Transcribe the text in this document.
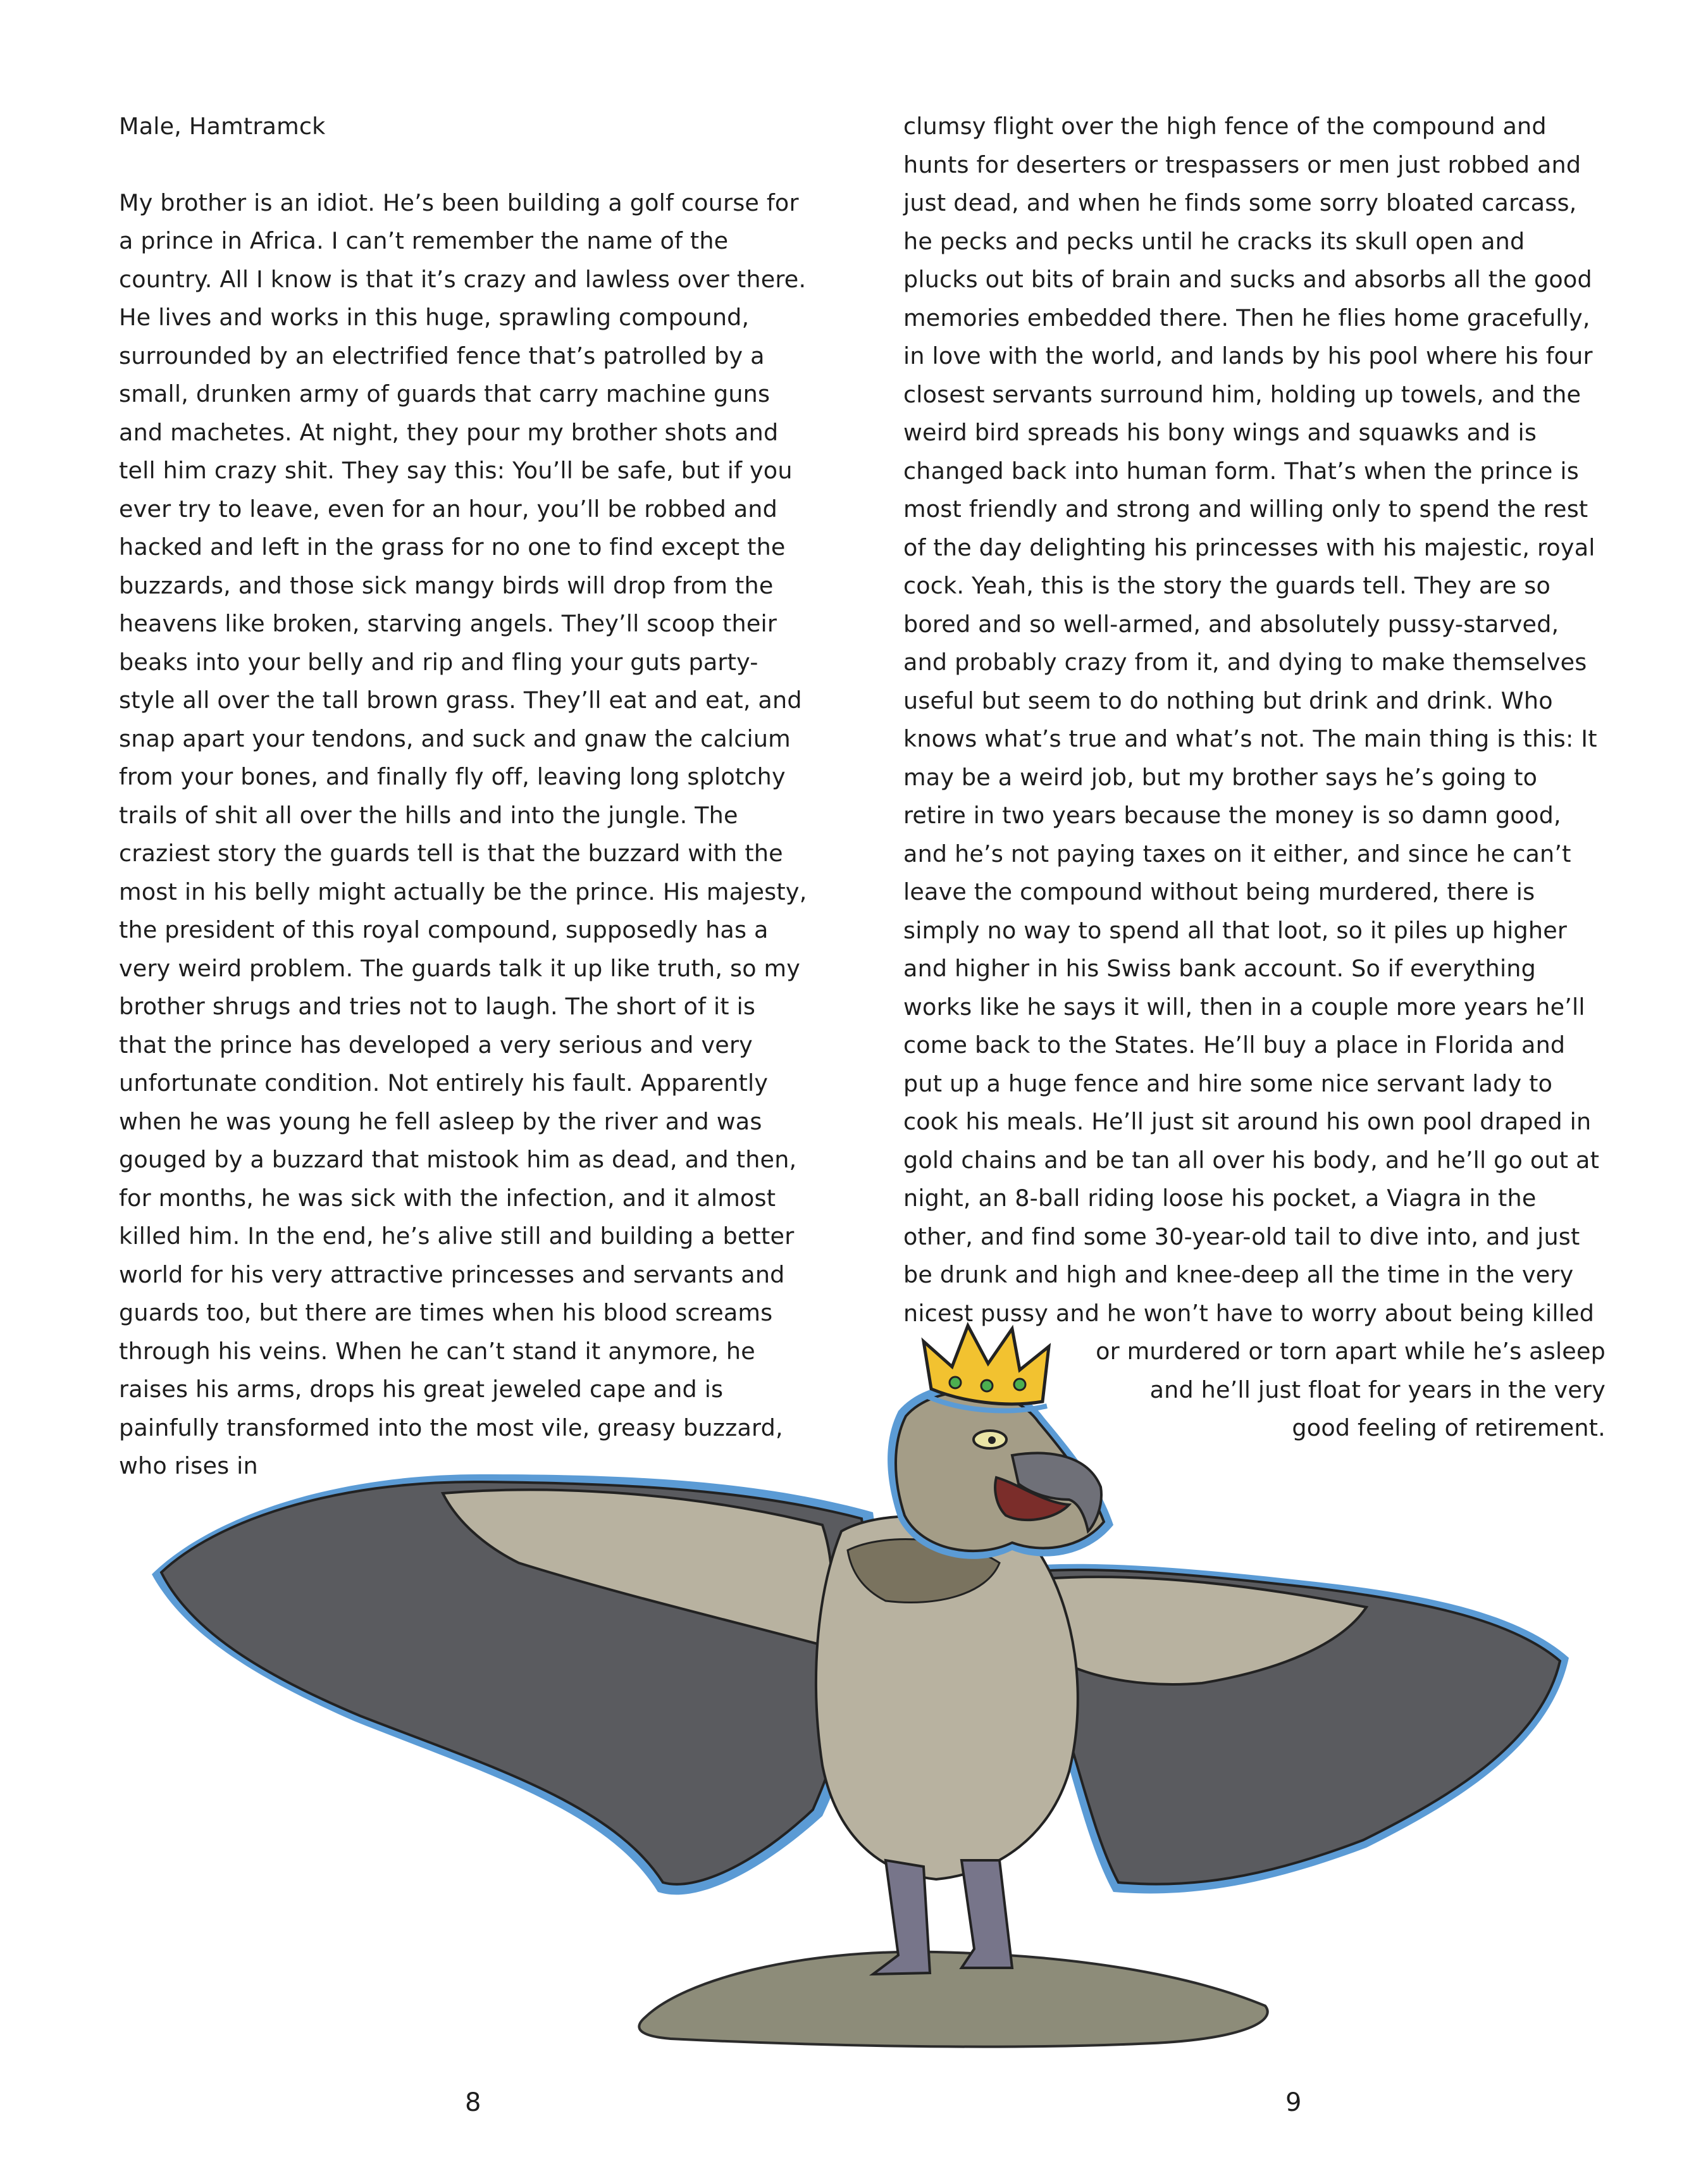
Male, Hamtramck
My brother is an idiot. He’s been building a golf course for
a prince in Africa. I can’t remember the name of the
country. All I know is that it’s crazy and lawless over there.
He lives and works in this huge, sprawling compound,
surrounded by an electrified fence that’s patrolled by a
small, drunken army of guards that carry machine guns
and machetes. At night, they pour my brother shots and
tell him crazy shit. They say this: You’ll be safe, but if you
ever try to leave, even for an hour, you’ll be robbed and
hacked and left in the grass for no one to find except the
buzzards, and those sick mangy birds will drop from the
heavens like broken, starving angels. They’ll scoop their
beaks into your belly and rip and fling your guts party-
style all over the tall brown grass. They’ll eat and eat, and
snap apart your tendons, and suck and gnaw the calcium
from your bones, and finally fly off, leaving long splotchy
trails of shit all over the hills and into the jungle. The
craziest story the guards tell is that the buzzard with the
most in his belly might actually be the prince. His majesty,
the president of this royal compound, supposedly has a
very weird problem. The guards talk it up like truth, so my
brother shrugs and tries not to laugh. The short of it is
that the prince has developed a very serious and very
unfortunate condition. Not entirely his fault. Apparently
when he was young he fell asleep by the river and was
gouged by a buzzard that mistook him as dead, and then,
for months, he was sick with the infection, and it almost
killed him. In the end, he’s alive still and building a better
world for his very attractive princesses and servants and
guards too, but there are times when his blood screams
through his veins. When he can’t stand it anymore, he
raises his arms, drops his great jeweled cape and is
painfully transformed into the most vile, greasy buzzard,
who rises in
clumsy flight over the high fence of the compound and
hunts for deserters or trespassers or men just robbed and
just dead, and when he finds some sorry bloated carcass,
he pecks and pecks until he cracks its skull open and
plucks out bits of brain and sucks and absorbs all the good
memories embedded there. Then he flies home gracefully,
in love with the world, and lands by his pool where his four
closest servants surround him, holding up towels, and the
weird bird spreads his bony wings and squawks and is
changed back into human form. That’s when the prince is
most friendly and strong and willing only to spend the rest
of the day delighting his princesses with his majestic, royal
cock. Yeah, this is the story the guards tell. They are so
bored and so well-armed, and absolutely pussy-starved,
and probably crazy from it, and dying to make themselves
useful but seem to do nothing but drink and drink. Who
knows what’s true and what’s not. The main thing is this: It
may be a weird job, but my brother says he’s going to
retire in two years because the money is so damn good,
and he’s not paying taxes on it either, and since he can’t
leave the compound without being murdered, there is
simply no way to spend all that loot, so it piles up higher
and higher in his Swiss bank account. So if everything
works like he says it will, then in a couple more years he’ll
come back to the States. He’ll buy a place in Florida and
put up a huge fence and hire some nice servant lady to
cook his meals. He’ll just sit around his own pool draped in
gold chains and be tan all over his body, and he’ll go out at
night, an 8-ball riding loose his pocket, a Viagra in the
other, and find some 30-year-old tail to dive into, and just
be drunk and high and knee-deep all the time in the very
nicest pussy and he won’t have to worry about being killed
or murdered or torn apart while he’s asleep
and he’ll just float for years in the very
good feeling of retirement.
8	9
